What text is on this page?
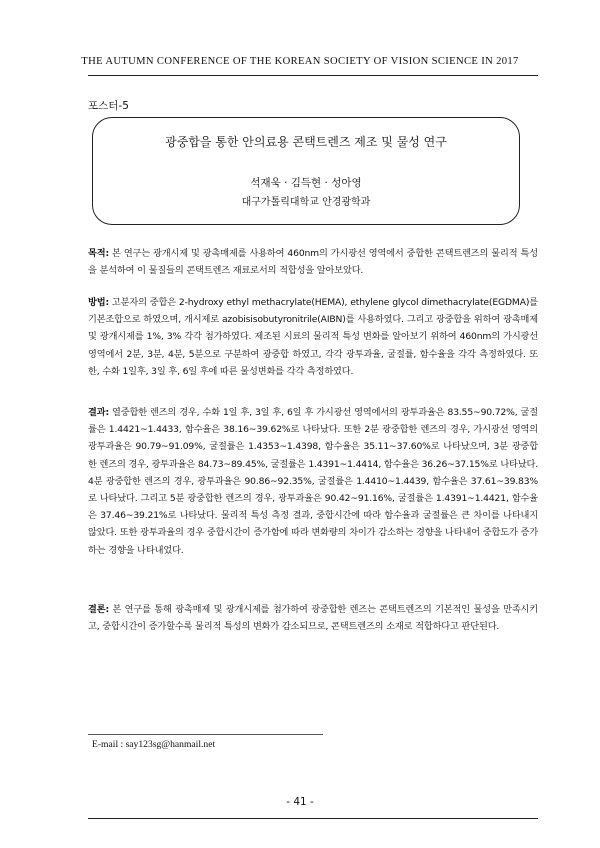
THE AUTUMN CONFERENCE OF THE KOREAN SOCIETY OF VISION SCIENCE IN 2017
포스터-5
광중합을 통한 안의료용 콘택트렌즈 제조 및 물성 연구
석재욱 · 김득현 · 성아영
대구가톨릭대학교 안경광학과
목적: 본 연구는 광개시제 및 광촉매제를 사용하여 460nm의 가시광선 영역에서 중합한 콘택트렌즈의 물리적 특성을 분석하여 이 물질들의 콘택트렌즈 재료로서의 적합성을 알아보았다.
방법: 고분자의 중합은 2-hydroxy ethyl methacrylate(HEMA), ethylene glycol dimethacrylate(EGDMA)를 기본조합으로 하였으며, 개시제로 azobisisobutyronitrile(AIBN)를 사용하였다. 그리고 광중합을 위하여 광촉매제 및 광개시제를 1%, 3% 각각 첨가하였다. 제조된 시료의 물리적 특성 변화를 알아보기 위하여 460nm의 가시광선영역에서 2분, 3분, 4분, 5분으로 구분하여 광중합 하였고, 각각 광투과율, 굴절률, 함수율을 각각 측정하였다. 또한, 수화 1일후, 3일 후, 6일 후에 따른 물성변화를 각각 측정하였다.
결과: 열중합한 렌즈의 경우, 수화 1일 후, 3일 후, 6일 후 가시광선 영역에서의 광투과율은 83.55~90.72%, 굴절률은 1.4421~1.4433, 함수율은 38.16~39.62%로 나타났다. 또한 2분 광중합한 렌즈의 경우, 가시광선 영역의 광투과율은 90.79~91.09%, 굴절률은 1.4353~1.4398, 함수율은 35.11~37.60%로 나타났으며, 3분 광중합한 렌즈의 경우, 광투과율은 84.73~89.45%, 굴절률은 1.4391~1.4414, 함수율은 36.26~37.15%로 나타났다. 4분 광중합한 렌즈의 경우, 광투과율은 90.86~92.35%, 굴절률은 1.4410~1.4439, 함수율은 37.61~39.83%로 나타났다. 그리고 5분 광중합한 렌즈의 경우, 광투과율은 90.42~91.16%, 굴절률은 1.4391~1.4421, 함수율은 37.46~39.21%로 나타났다. 물리적 특성 측정 결과, 중합시간에 따라 함수율과 굴절률은 큰 차이를 나타내지 않았다. 또한 광투과율의 경우 중합시간이 증가함에 따라 변화량의 차이가 감소하는 경향을 나타내어 중합도가 증가하는 경향을 나타내었다.
결론: 본 연구를 통해 광촉매제 및 광개시제를 첨가하여 광중합한 렌즈는 콘택트렌즈의 기본적인 물성을 만족시키고, 중합시간이 증가할수록 물리적 특성의 변화가 감소되므로, 콘택트렌즈의 소재로 적합하다고 판단된다.
E-mail : say123sg@hanmail.net
- 41 -
